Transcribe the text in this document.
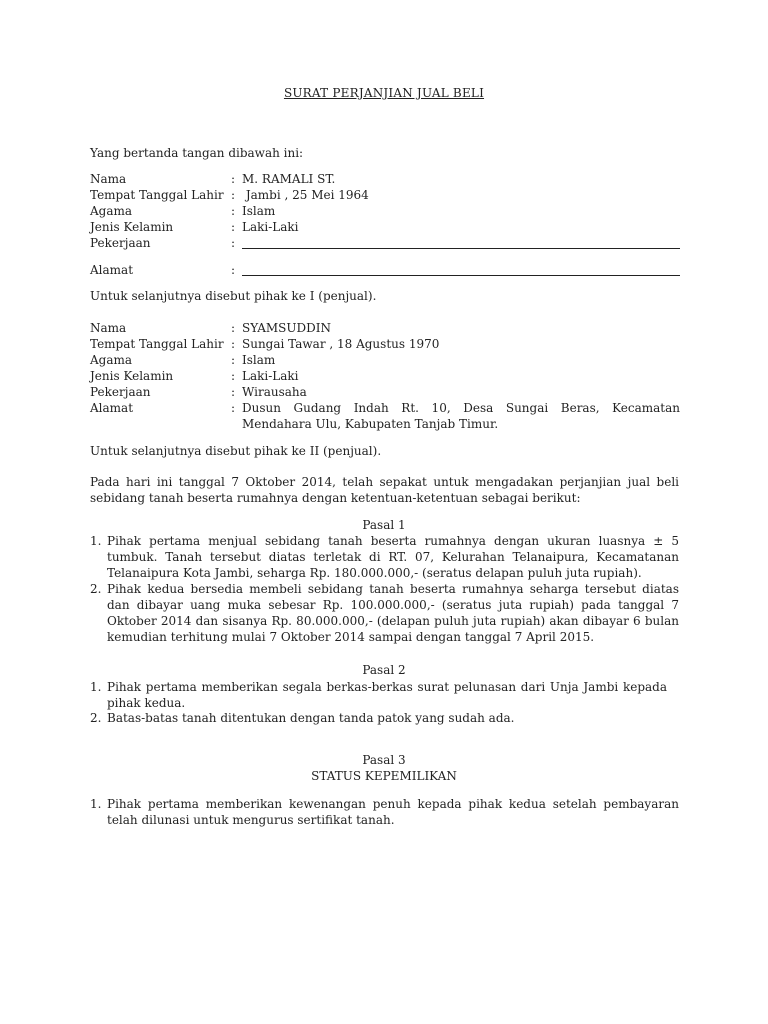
SURAT PERJANJIAN JUAL BELI
Yang bertanda tangan dibawah ini:
Nama	: M. RAMALI ST.
Tempat Tanggal Lahir : Jambi , 25 Mei 1964
Agama	: Islam
Jenis Kelamin	: Laki-Laki
Pekerjaan	:
Alamat	:
Untuk selanjutnya disebut pihak ke I (penjual).
Nama	: SYAMSUDDIN
Tempat Tanggal Lahir : Sungai Tawar , 18 Agustus 1970
Agama	: Islam
Jenis Kelamin	: Laki-Laki
Pekerjaan	: Wirausaha
Alamat	: Dusun Gudang Indah Rt. 10, Desa Sungai Beras, Kecamatan Mendahara Ulu, Kabupaten Tanjab Timur.
Untuk selanjutnya disebut pihak ke II (penjual).
Pada hari ini tanggal 7 Oktober 2014, telah sepakat untuk mengadakan perjanjian jual beli sebidang tanah beserta rumahnya dengan ketentuan-ketentuan sebagai berikut:
Pasal 1
1. Pihak pertama menjual sebidang tanah beserta rumahnya dengan ukuran luasnya ± 5 tumbuk. Tanah tersebut diatas terletak di RT. 07, Kelurahan Telanaipura, Kecamatanan Telanaipura Kota Jambi, seharga Rp. 180.000.000,- (seratus delapan puluh juta rupiah).
2. Pihak kedua bersedia membeli sebidang tanah beserta rumahnya seharga tersebut diatas dan dibayar uang muka sebesar Rp. 100.000.000,- (seratus juta rupiah) pada tanggal 7 Oktober 2014 dan sisanya Rp. 80.000.000,- (delapan puluh juta rupiah) akan dibayar 6 bulan kemudian terhitung mulai 7 Oktober 2014 sampai dengan tanggal 7 April 2015.
Pasal 2
1. Pihak pertama memberikan segala berkas-berkas surat pelunasan dari Unja Jambi kepada pihak kedua.
2. Batas-batas tanah ditentukan dengan tanda patok yang sudah ada.
Pasal 3
STATUS KEPEMILIKAN
1. Pihak pertama memberikan kewenangan penuh kepada pihak kedua setelah pembayaran telah dilunasi untuk mengurus sertifikat tanah.
